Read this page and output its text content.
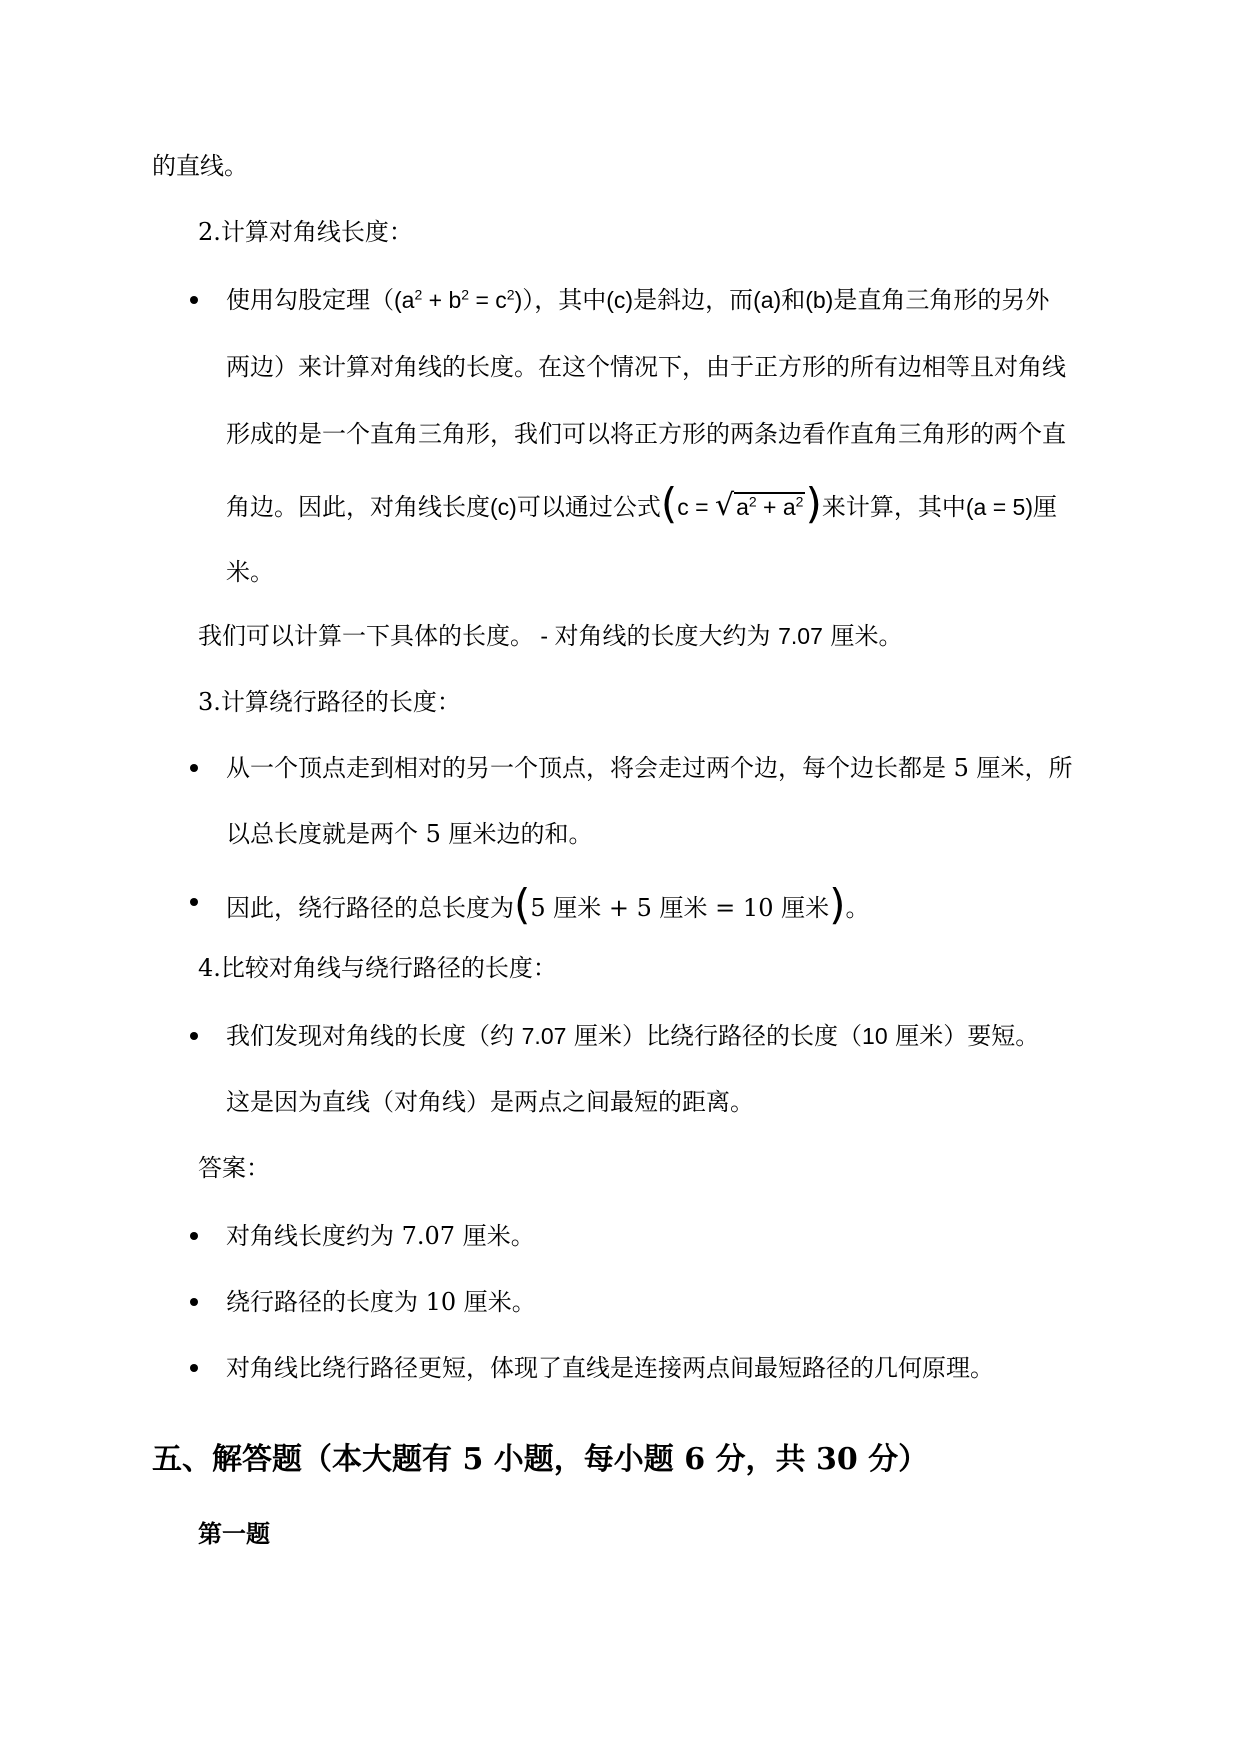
的直线。
2.计算对角线长度：
使用勾股定理$((a^2 + b^2 = c^2))$，其中(c)是斜边，而(a)和(b)是直角三角形的另外
两边）来计算对角线的长度。在这个情况下，由于正方形的所有边相等且对角线
形成的是一个直角三角形，我们可以将正方形的两条边看作直角三角形的两个直
角边。因此，对角线长度(c)可以通过公式$(c = √a^2 + a^2)$来计算，其中(a = 5)厘
米。
我们可以计算一下具体的长度。 - 对角线的长度大约为 7.07 厘米。
3.计算绕行路径的长度：
从一个顶点走到相对的另一个顶点，将会走过两个边，每个边长都是 5 厘米，所
以总长度就是两个 5 厘米边的和。
因此，绕行路径的总长度为(5 厘米 + 5 厘米 = 10 厘米)。
4.比较对角线与绕行路径的长度：
我们发现对角线的长度（约 7.07 厘米）比绕行路径的长度（10 厘米）要短。
这是因为直线（对角线）是两点之间最短的距离。
答案：
对角线长度约为 7.07 厘米。
绕行路径的长度为 10 厘米。
对角线比绕行路径更短，体现了直线是连接两点间最短路径的几何原理。
五、解答题（本大题有 5 小题，每小题 6 分，共 30 分）
第一题
